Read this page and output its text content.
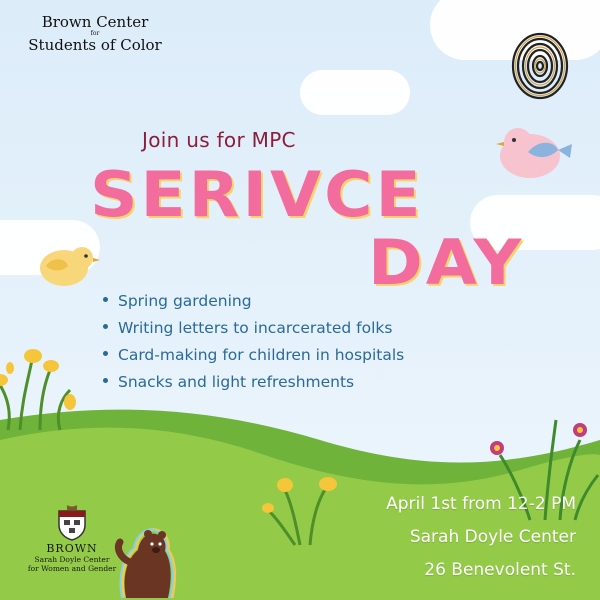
Brown Center
for
Students of Color
Join us for MPC
SERIVCE
DAY
Spring gardening
Writing letters to incarcerated folks
Card-making for children in hospitals
Snacks and light refreshments
April 1st from 12-2 PM
Sarah Doyle Center
26 Benevolent St.
BROWN
Sarah Doyle Center
for Women and Gender
